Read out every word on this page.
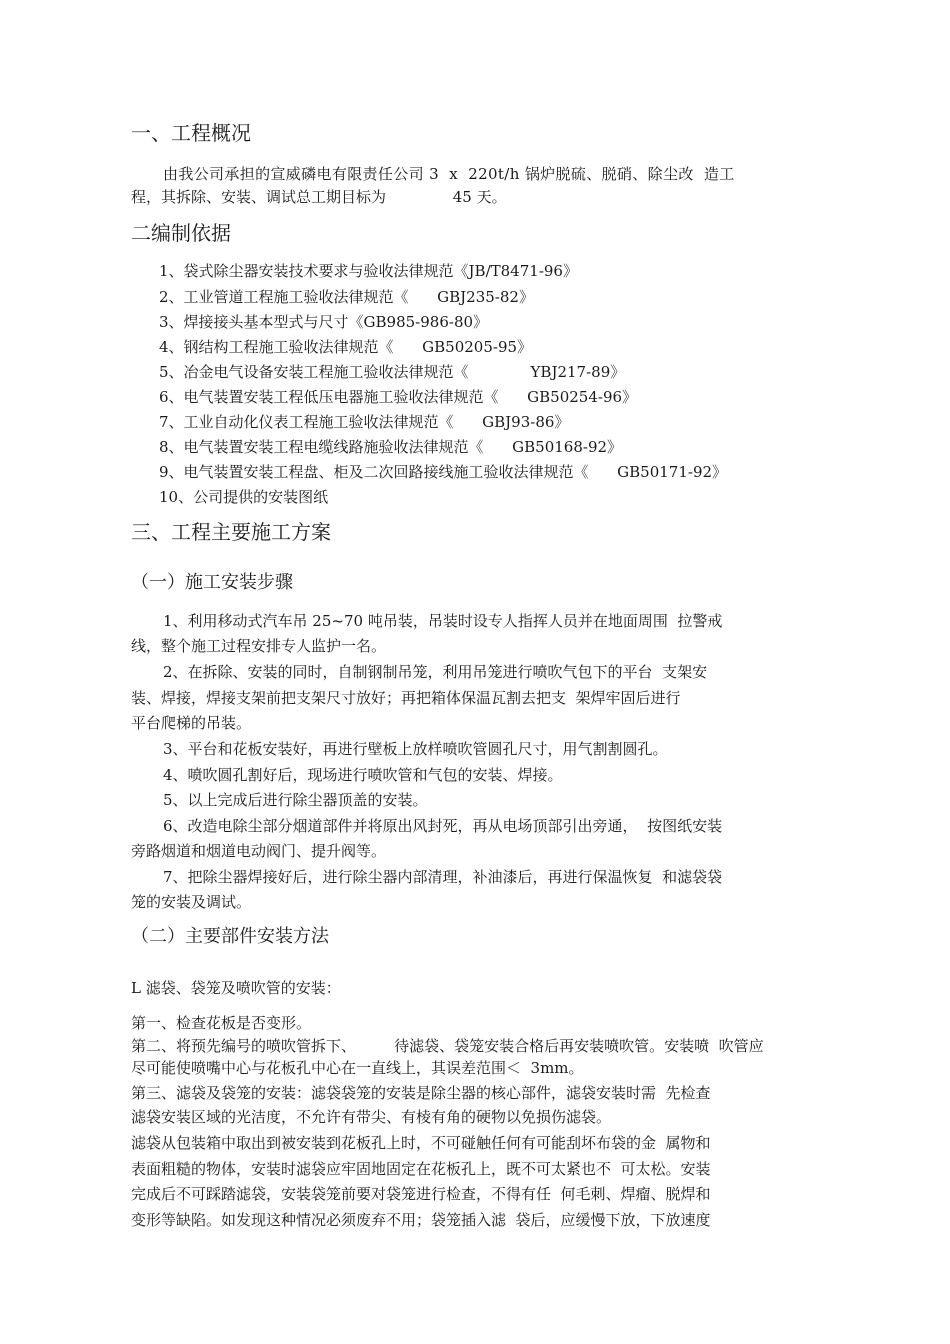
一、工程概况
由我公司承担的宣威磷电有限责任公司 3  x  220t/h 锅炉脱硫、脱硝、除尘改  造工
程，其拆除、安装、调试总工期目标为              45 天。
二编制依据
1、袋式除尘器安装技术要求与验收法律规范《JB/T8471-96》
2、工业管道工程施工验收法律规范《      GBJ235-82》
3、焊接接头基本型式与尺寸《GB985-986-80》
4、钢结构工程施工验收法律规范《      GB50205-95》
5、冶金电气设备安装工程施工验收法律规范《             YBJ217-89》
6、电气装置安装工程低压电器施工验收法律规范《      GB50254-96》
7、工业自动化仪表工程施工验收法律规范《      GBJ93-86》
8、电气装置安装工程电缆线路施验收法律规范《      GB50168-92》
9、电气装置安装工程盘、柜及二次回路接线施工验收法律规范《      GB50171-92》
10、公司提供的安装图纸
三、工程主要施工方案
（一）施工安装步骤
1、利用移动式汽车吊 25~70 吨吊装，吊装时设专人指挥人员并在地面周围  拉警戒
线，整个施工过程安排专人监护一名。
2、在拆除、安装的同时，自制钢制吊笼，利用吊笼进行喷吹气包下的平台  支架安
装、焊接，焊接支架前把支架尺寸放好；再把箱体保温瓦割去把支  架焊牢固后进行
平台爬梯的吊装。
3、平台和花板安装好，再进行壁板上放样喷吹管圆孔尺寸，用气割割圆孔。
4、喷吹圆孔割好后，现场进行喷吹管和气包的安装、焊接。
5、以上完成后进行除尘器顶盖的安装。
6、改造电除尘部分烟道部件并将原出风封死，再从电场顶部引出旁通，  按图纸安装
旁路烟道和烟道电动阀门、提升阀等。
7、把除尘器焊接好后，进行除尘器内部清理，补油漆后，再进行保温恢复  和滤袋袋
笼的安装及调试。
（二）主要部件安装方法
L 滤袋、袋笼及喷吹管的安装：
第一、检查花板是否变形。
第二、将预先编号的喷吹管拆下、        待滤袋、袋笼安装合格后再安装喷吹管。安装喷  吹管应
尽可能使喷嘴中心与花板孔中心在一直线上，其误差范围＜  3mm。
第三、滤袋及袋笼的安装：滤袋袋笼的安装是除尘器的核心部件，滤袋安装时需  先检查
滤袋安装区域的光洁度，不允许有带尖、有棱有角的硬物以免损伤滤袋。
滤袋从包装箱中取出到被安装到花板孔上时，不可碰触任何有可能刮坏布袋的金  属物和
表面粗糙的物体，安装时滤袋应牢固地固定在花板孔上，既不可太紧也不  可太松。安装
完成后不可踩踏滤袋，安装袋笼前要对袋笼进行检查，不得有任  何毛刺、焊瘤、脱焊和
变形等缺陷。如发现这种情况必须废弃不用；袋笼插入滤  袋后，应缓慢下放，下放速度
